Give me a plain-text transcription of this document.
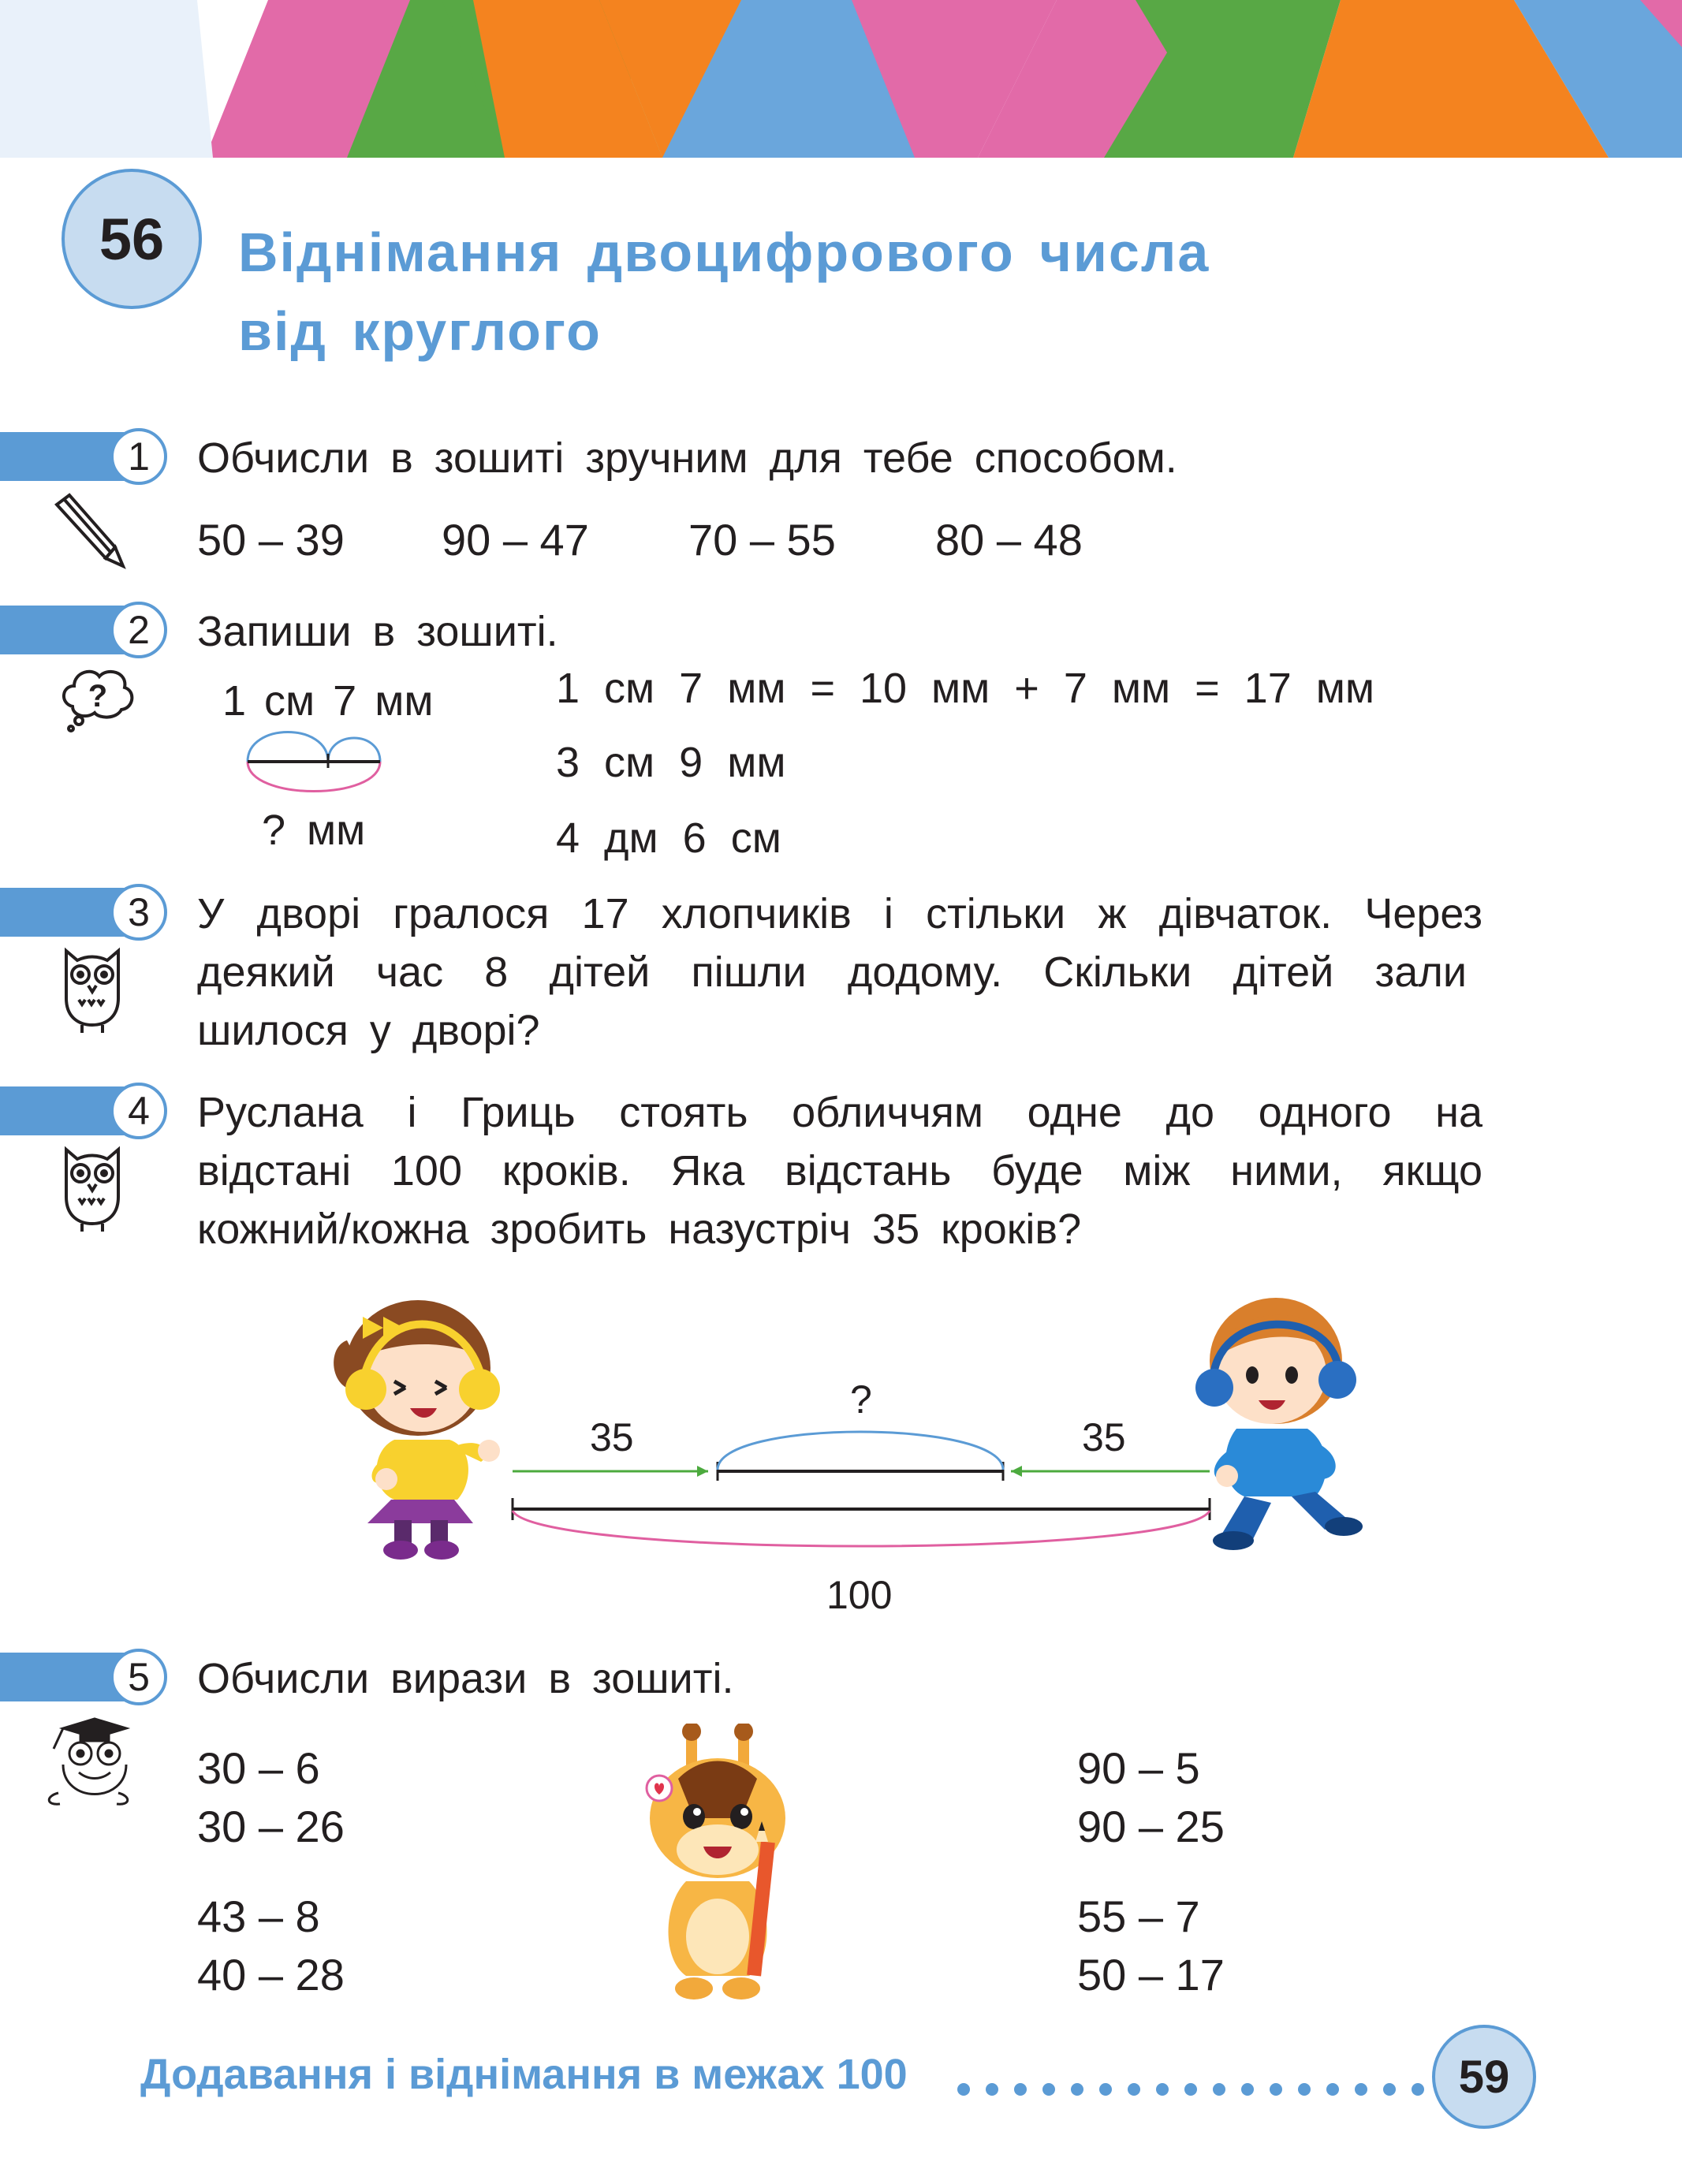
56	Віднімання двоцифрового числа
від круглого
1	Обчисли в зошиті зручним для тебе способом.
50 – 39 90 – 47 70 – 55 80 – 48
2	Запиши в зошиті.
?	1 см 7 мм
? мм
1 см 7 мм = 10 мм + 7 мм = 17 мм
3 см 9 мм
4 дм 6 см
3	У дворі гралося 17 хлопчиків і стільки ж дівчаток. Через
деякий час 8 дітей пішли додому. Скільки дітей зали
шилося у дворі?
4	Руслана і Гриць стоять обличчям одне до одного на
відстані 100 кроків. Яка відстань буде між ними, якщо
кожний/кожна зробить назустріч 35 кроків?
35	35
?
100
5	Обчисли вирази в зошиті.
30 – 6
30 – 26
43 – 8
40 – 28
90 – 5
90 – 25
55 – 7
50 – 17
Додавання і віднімання в межах 100	59
